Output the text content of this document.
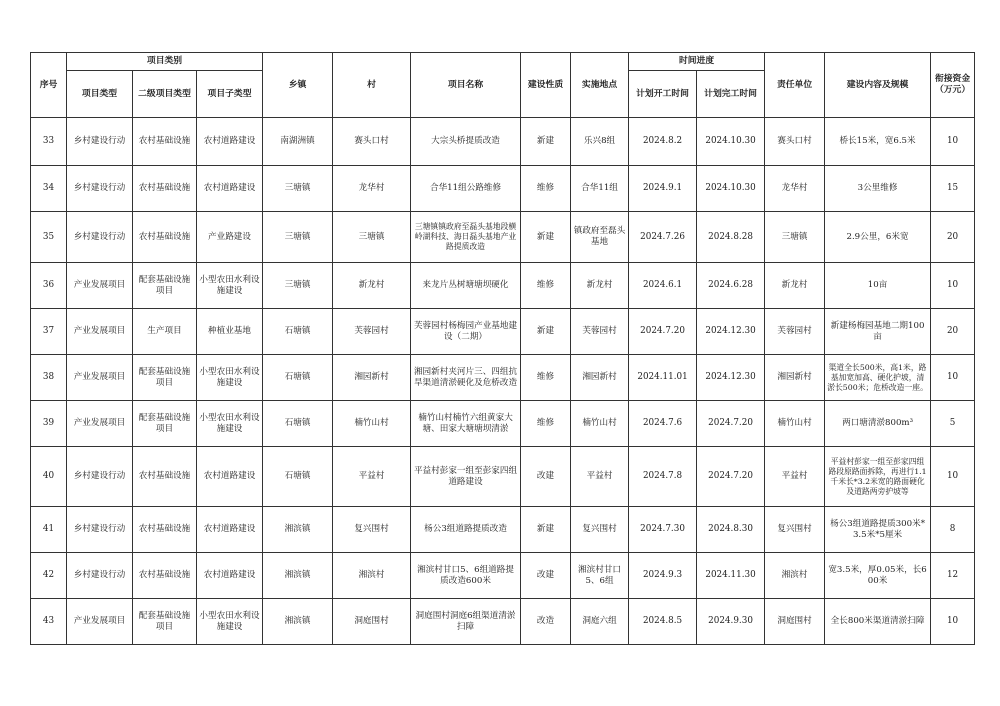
序号	项目类别			乡镇	村	项目名称	建设性质	实施地点	时间进度		责任单位	建设内容及规模	衔接资金（万元）
	项目类型	二级项目类型	项目子类型						计划开工时间	计划完工时间			
33	乡村建设行动	农村基础设施	农村道路建设	南湖洲镇	赛头口村	大宗头桥提质改造	新建	乐兴8组	2024.8.2	2024.10.30	赛头口村	桥长15米，宽6.5米	10
34	乡村建设行动	农村基础设施	农村道路建设	三塘镇	龙华村	合华11组公路维修	维修	合华11组	2024.9.1	2024.10.30	龙华村	3公里维修	15
35	乡村建设行动	农村基础设施	产业路建设	三塘镇	三塘镇	三塘镇镇政府至磊头基地段横岭湖科技、海日磊头基地产业路提质改造	新建	镇政府至磊头基地	2024.7.26	2024.8.28	三塘镇	2.9公里，6米宽	20
36	产业发展项目	配套基础设施项目	小型农田水利设施建设	三塘镇	新龙村	来龙片丛树塘塘坝硬化	维修	新龙村	2024.6.1	2024.6.28	新龙村	10亩	10
37	产业发展项目	生产项目	种植业基地	石塘镇	芙蓉园村	芙蓉园村杨梅园产业基地建设（二期）	新建	芙蓉园村	2024.7.20	2024.12.30	芙蓉园村	新建杨梅园基地二期100亩	20
38	产业发展项目	配套基础设施项目	小型农田水利设施建设	石塘镇	湘园新村	湘园新村夹河片三、四组抗旱渠道清淤硬化及危桥改造	维修	湘园新村	2024.11.01	2024.12.30	湘园新村	渠道全长500米，高1米，路基加宽加高、硬化护坡，清淤长500米；危桥改造一座。	10
39	产业发展项目	配套基础设施项目	小型农田水利设施建设	石塘镇	楠竹山村	楠竹山村楠竹六组黄家大塘、田家大塘塘坝清淤	维修	楠竹山村	2024.7.6	2024.7.20	楠竹山村	两口塘清淤800m³	5
40	乡村建设行动	农村基础设施	农村道路建设	石塘镇	平益村	平益村彭家一组至彭家四组道路建设	改建	平益村	2024.7.8	2024.7.20	平益村	平益村彭家一组至彭家四组路段原路面拆除，再进行1.1千米长*3.2米宽的路面硬化及道路两旁护坡等	10
41	乡村建设行动	农村基础设施	农村道路建设	湘滨镇	复兴围村	杨公3组道路提质改造	新建	复兴围村	2024.7.30	2024.8.30	复兴围村	杨公3组道路提质300米*3.5米*5厘米	8
42	乡村建设行动	农村基础设施	农村道路建设	湘滨镇	湘滨村	湘滨村甘口5、6组道路提质改造600米	改建	湘滨村甘口5、6组	2024.9.3	2024.11.30	湘滨村	宽3.5米，厚0.05米，长600米	12
43	产业发展项目	配套基础设施项目	小型农田水利设施建设	湘滨镇	洞庭围村	洞庭围村洞庭6组渠道清淤扫障	改造	洞庭六组	2024.8.5	2024.9.30	洞庭围村	全长800米渠道清淤扫障	10
